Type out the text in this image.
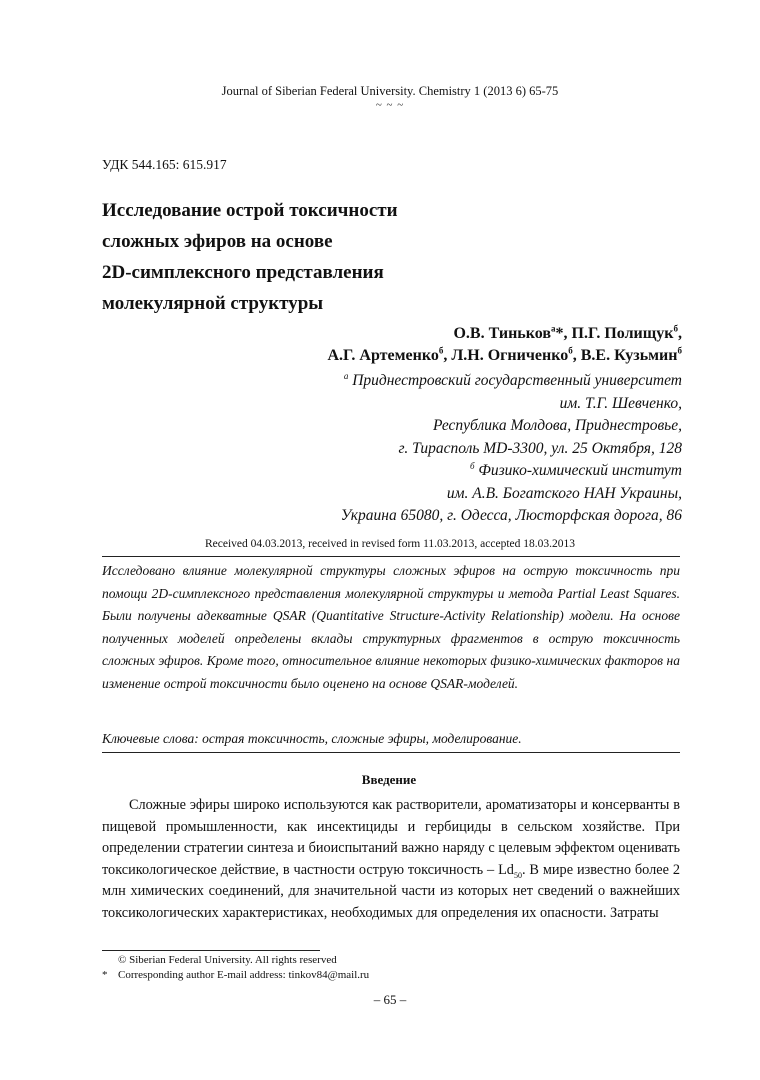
Journal of Siberian Federal University. Chemistry 1 (2013 6) 65-75
~ ~ ~
УДК 544.165: 615.917
Исследование острой токсичности
сложных эфиров на основе
2D-симплексного представления
молекулярной структуры
О.В. Тиньков$^а$*, П.Г. Полищук$^б$,
А.Г. Артеменко$^б$, Л.Н. Огниченко$^б$, В.Е. Кузьмин$^б$
$^а$ Приднестровский государственный университет
им. Т.Г. Шевченко,
Республика Молдова, Приднестровье,
г. Тирасполь MD-3300, ул. 25 Октября, 128
$^б$ Физико-химический институт
им. А.В. Богатского НАН Украины,
Украина 65080, г. Одесса, Люсторфская дорога, 86
Received 04.03.2013, received in revised form 11.03.2013, accepted 18.03.2013
Исследовано влияние молекулярной структуры сложных эфиров на острую токсичность при помощи 2D-симплексного представления молекулярной структуры и метода Partial Least Squares. Были получены адекватные QSAR (Quantitative Structure-Activity Relationship) модели. На основе полученных моделей определены вклады структурных фрагментов в острую токсичность сложных эфиров. Кроме того, относительное влияние некоторых физико-химических факторов на изменение острой токсичности было оценено на основе QSAR-моделей.
Ключевые слова: острая токсичность, сложные эфиры, моделирование.
Введение

Сложные эфиры широко используются как растворители, ароматизаторы и консерванты в пищевой промышленности, как инсектициды и гербициды в сельском хозяйстве. При определении стратегии синтеза и биоиспытаний важно наряду с целевым эффектом оценивать токсикологическое действие, в частности острую токсичность – $Ld_{50}$. В мире известно более 2 млн химических соединений, для значительной части из которых нет сведений о важнейших токсикологических характеристиках, необходимых для определения их опасности. Затраты

© Siberian Federal University. All rights reserved
* Corresponding author E-mail address: tinkov84@mail.ru
– 65 –
